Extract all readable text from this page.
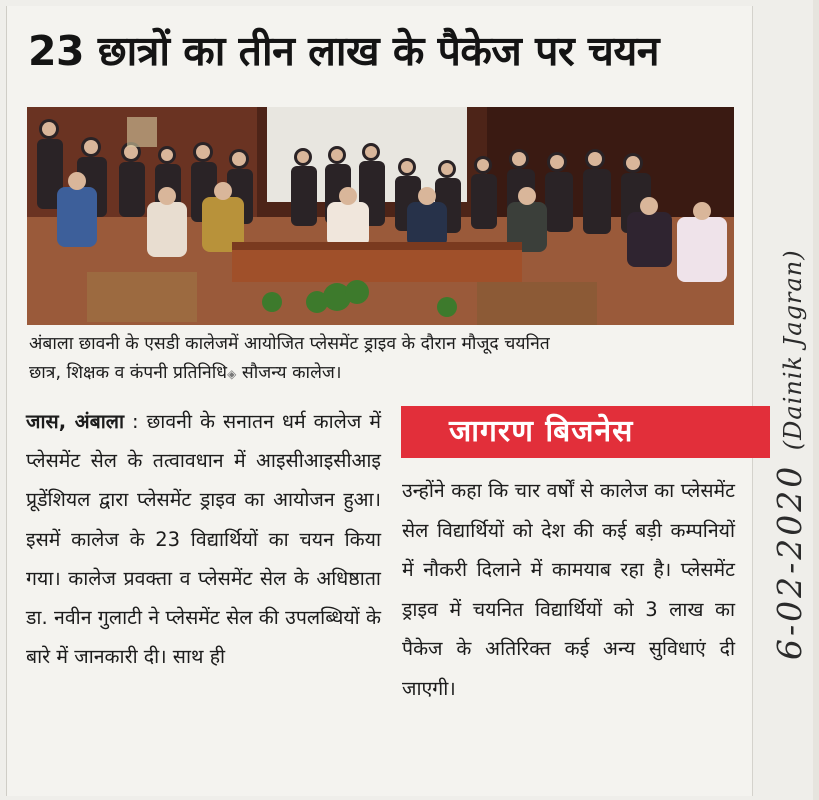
23 छात्रों का तीन लाख के पैकेज पर चयन
अंबाला छावनी के एसडी कालेजमें आयोजित प्लेसमेंट ड्राइव के दौरान मौजूद चयनित
छात्र, शिक्षक व कंपनी प्रतिनिधि◈ सौजन्य कालेज।
जास, अंबाला : छावनी के सनातन धर्म कालेज में प्लेसमेंट सेल के तत्वावधान में आइसीआइसीआइ प्रूडेंशियल द्वारा प्लेसमेंट ड्राइव का आयोजन हुआ। इसमें कालेज के 23 विद्यार्थियों का चयन किया गया। कालेज प्रवक्ता व प्लेसमेंट सेल के अधिष्ठाता डा. नवीन गुलाटी ने प्लेसमेंट सेल की उपलब्धियों के बारे में जानकारी दी। साथ ही
जागरण बिजनेस
उन्होंने कहा कि चार वर्षों से कालेज का प्लेसमेंट सेल विद्यार्थियों को देश की कई बड़ी कम्पनियों में नौकरी दिलाने में कामयाब रहा है। प्लेसमेंट ड्राइव में चयनित विद्यार्थियों को 3 लाख का पैकेज के अतिरिक्त कई अन्य सुविधाएं दी जाएगी।
6-02-2020 (Dainik Jagran)
